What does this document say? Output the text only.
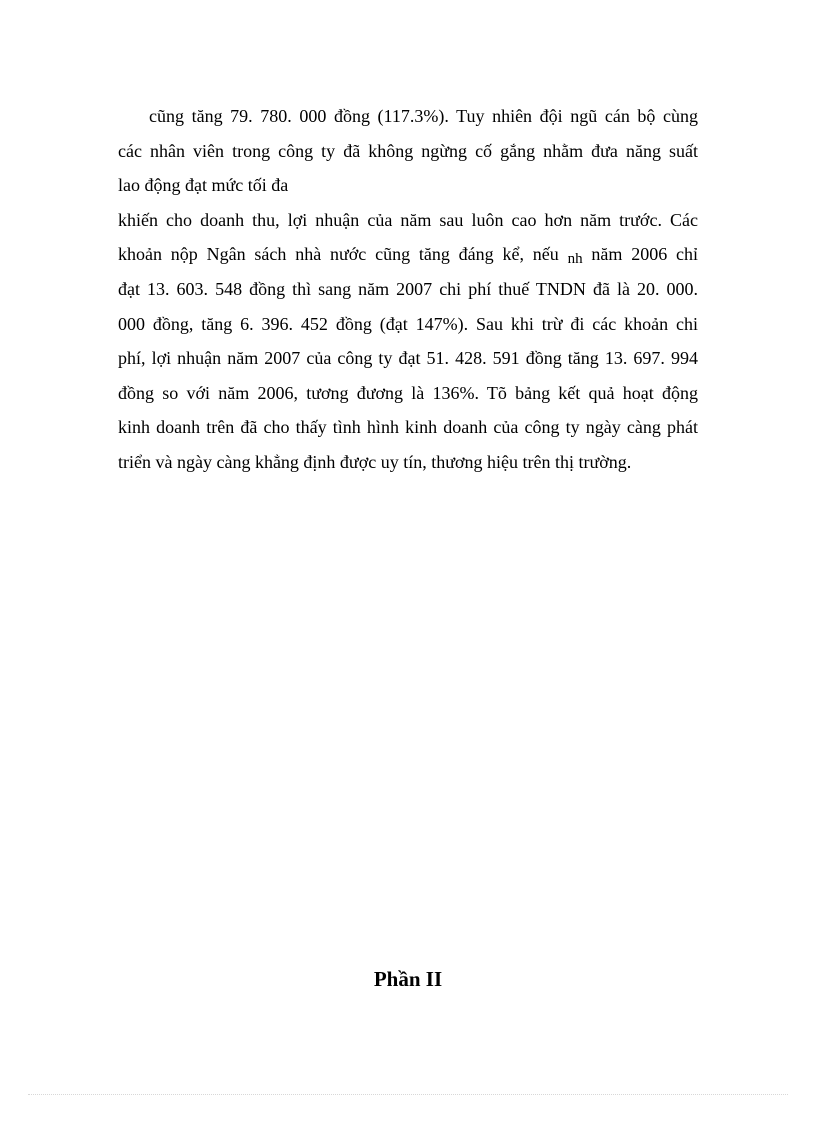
cũng tăng 79. 780. 000 đồng (117.3%). Tuy nhiên đội ngũ cán bộ cùng
các nhân viên trong công ty đã không ngừng cố gắng nhằm đưa năng suất
lao động đạt mức tối đa
khiến cho doanh thu, lợi nhuận của năm sau luôn cao hơn năm trước. Các
khoản nộp Ngân sách nhà nước cũng tăng đáng kể, nếu nh năm 2006 chỉ
đạt 13. 603. 548 đồng thì sang năm 2007 chi phí thuế TNDN đã là 20. 000.
000 đồng, tăng 6. 396. 452 đồng (đạt 147%). Sau khi trừ đi các khoản chi
phí, lợi nhuận năm 2007 của công ty đạt 51. 428. 591 đồng tăng 13. 697. 994
đồng so với năm 2006, tương đương là 136%. Tõ bảng kết quả hoạt động
kinh doanh trên đã cho thấy tình hình kinh doanh của công ty ngày càng phát
triển và ngày càng khẳng định được uy tín, thương hiệu trên thị trường.
Phần II
